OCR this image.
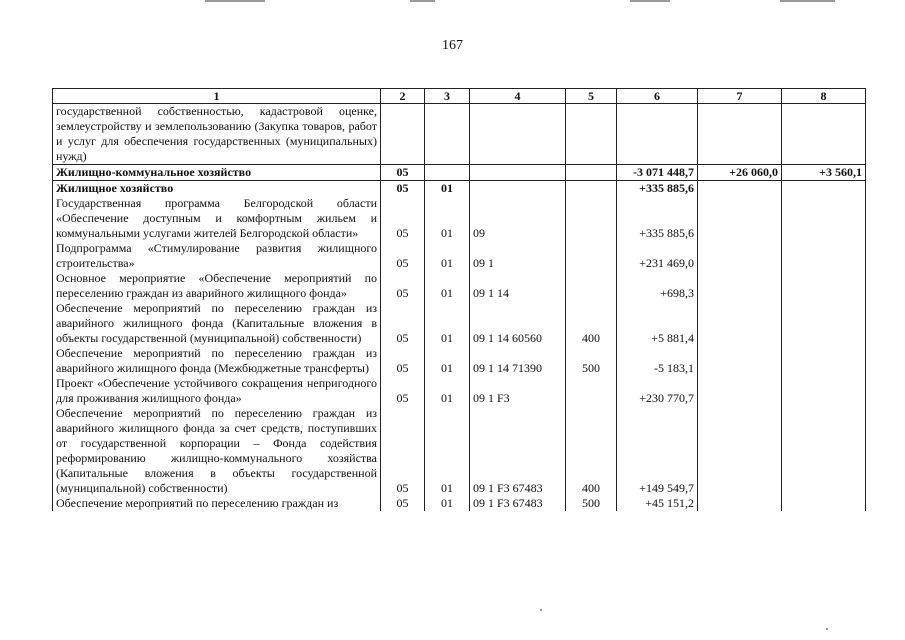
167
1	2	3	4	5	6	7	8
государственной собственностью, кадастровой оценке, землеустройству и землепользованию (Закупка товаров, работ и услуг для обеспечения государственных (муниципальных) нужд)							
Жилищно-коммунальное хозяйство	05				-3 071 448,7	+26 060,0	+3 560,1
Жилищное хозяйство	05	01			+335 885,6		
Государственная программа Белгородской области «Обеспечение доступным и комфортным жильем и коммунальными услугами жителей Белгородской области»	05	01	09		+335 885,6		
Подпрограмма «Стимулирование развития жилищного строительства»	05	01	09 1		+231 469,0		
Основное мероприятие «Обеспечение мероприятий по переселению граждан из аварийного жилищного фонда»	05	01	09 1 14		+698,3		
Обеспечение мероприятий по переселению граждан из аварийного жилищного фонда (Капитальные вложения в объекты государственной (муниципальной) собственности)	05	01	09 1 14 60560	400	+5 881,4		
Обеспечение мероприятий по переселению граждан из аварийного жилищного фонда (Межбюджетные трансферты)	05	01	09 1 14 71390	500	-5 183,1		
Проект «Обеспечение устойчивого сокращения непригодного для проживания жилищного фонда»	05	01	09 1 F3		+230 770,7		
Обеспечение мероприятий по переселению граждан из аварийного жилищного фонда за счет средств, поступивших от государственной корпорации – Фонда содействия реформированию жилищно-коммунального хозяйства (Капитальные вложения в объекты государственной (муниципальной) собственности)	05	01	09 1 F3 67483	400	+149 549,7		
Обеспечение мероприятий по переселению граждан из	05	01	09 1 F3 67483	500	+45 151,2		
